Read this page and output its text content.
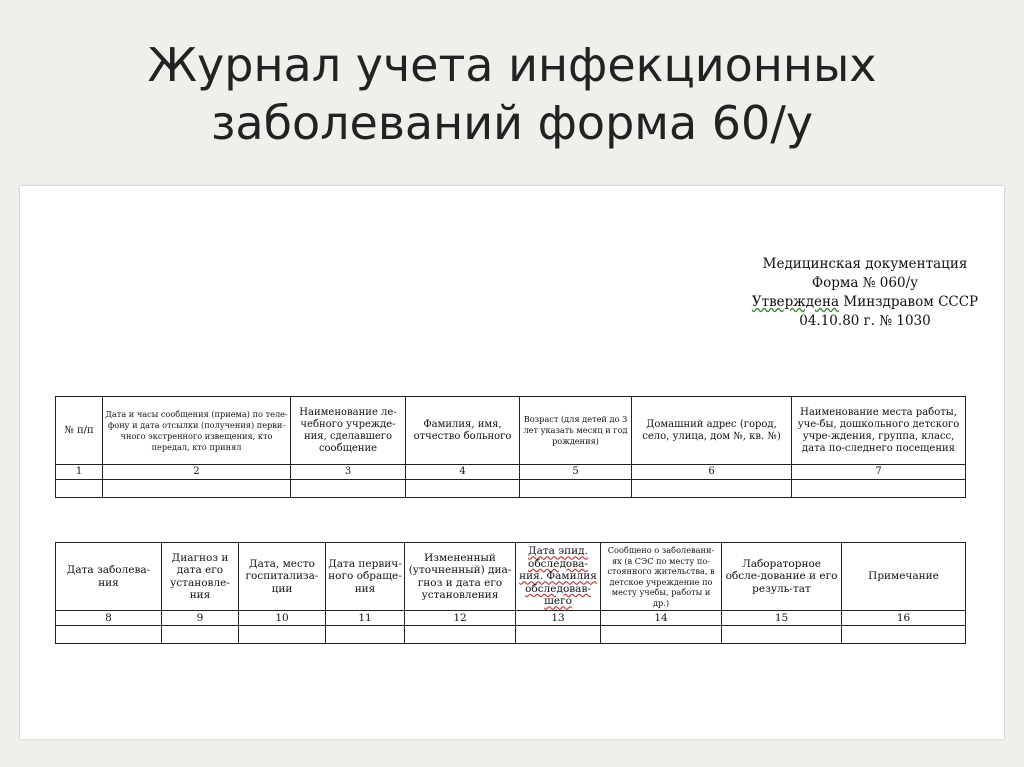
Журнал учета инфекционных
заболеваний форма 60/у
Медицинская документация
Форма № 060/у
Утверждена Минздравом СССР
04.10.80 г. № 1030
№ п/п	Дата и часы сообщения (приема) по теле-фону и дата отсылки (получения) перви-чного экстренного извещения, кто передал, кто принял	Наименование ле-чебного учрежде-ния, сделавшего сообщение	Фамилия, имя, отчество больного	Возраст (для детей до 3 лет указать месяц и год рождения)	Домашний адрес (город, село, улица, дом №, кв. №)	Наименование места работы, уче-бы, дошкольного детского учре-ждения, группа, класс, дата по-следнего посещения
1	2	3	4	5	6	7

Дата заболева-ния	Диагноз и дата его установле-ния	Дата, место госпитализа-ции	Дата первич-ного обраще-ния	Измененный (уточненный) диа-гноз и дата его установления	Дата эпид. обследова-ния. Фамилия обследовав-шего	Сообщено о заболевани-ях (в СЭС по месту по-стоянного жительства, в детское учреждение по месту учебы, работы и др.)	Лабораторное обсле-дование и его резуль-тат	Примечание
8	9	10	11	12	13	14	15	16
